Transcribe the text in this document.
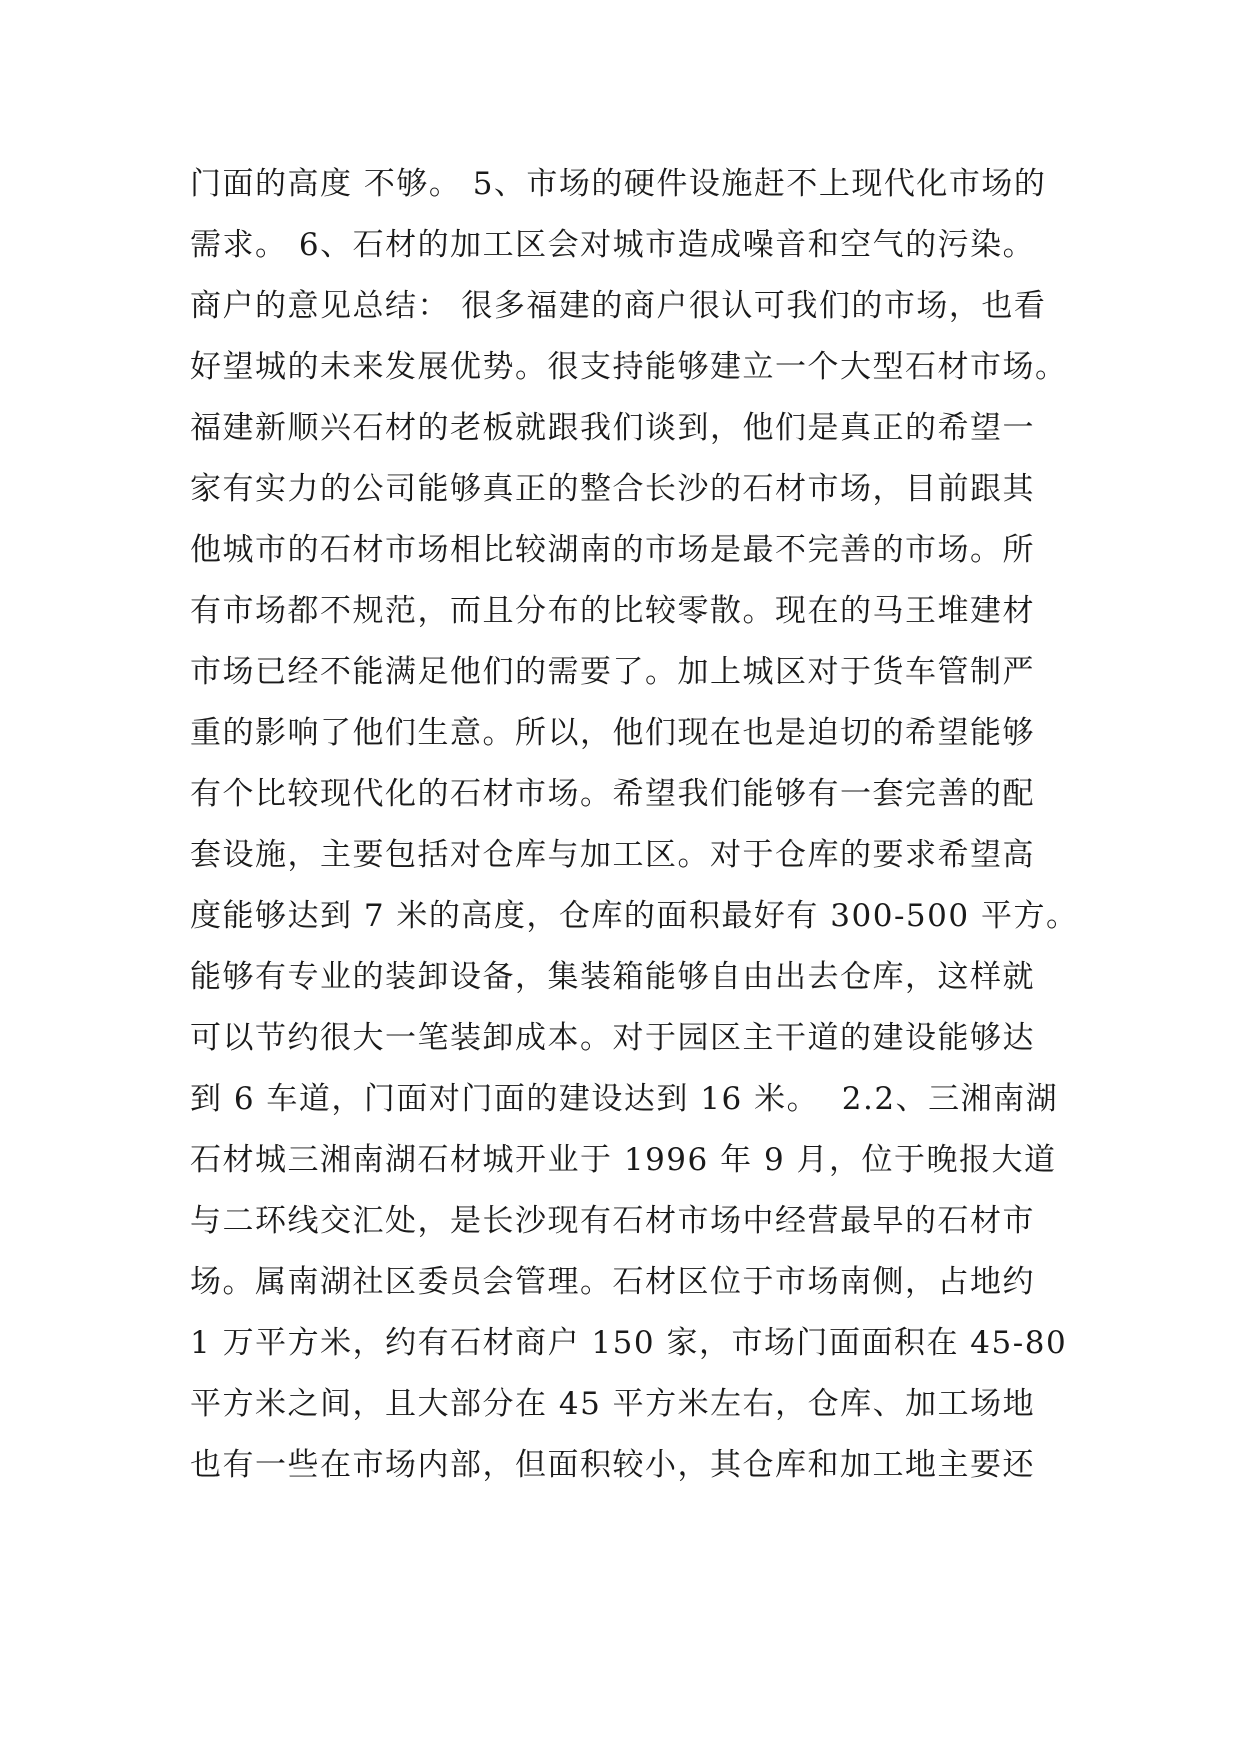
门面的高度 不够。 5、市场的硬件设施赶不上现代化市场的
需求。 6、石材的加工区会对城市造成噪音和空气的污染。
商户的意见总结： 很多福建的商户很认可我们的市场，也看
好望城的未来发展优势。很支持能够建立一个大型石材市场。
福建新顺兴石材的老板就跟我们谈到，他们是真正的希望一
家有实力的公司能够真正的整合长沙的石材市场，目前跟其
他城市的石材市场相比较湖南的市场是最不完善的市场。所
有市场都不规范，而且分布的比较零散。现在的马王堆建材
市场已经不能满足他们的需要了。加上城区对于货车管制严
重的影响了他们生意。所以，他们现在也是迫切的希望能够
有个比较现代化的石材市场。希望我们能够有一套完善的配
套设施，主要包括对仓库与加工区。对于仓库的要求希望高
度能够达到 7 米的高度，仓库的面积最好有 300-500 平方。
能够有专业的装卸设备，集装箱能够自由出去仓库，这样就
可以节约很大一笔装卸成本。对于园区主干道的建设能够达
到 6 车道，门面对门面的建设达到 16 米。  2.2、三湘南湖
石材城三湘南湖石材城开业于 1996 年 9 月，位于晚报大道
与二环线交汇处，是长沙现有石材市场中经营最早的石材市
场。属南湖社区委员会管理。石材区位于市场南侧，占地约
1 万平方米，约有石材商户 150 家，市场门面面积在 45-80
平方米之间，且大部分在 45 平方米左右，仓库、加工场地
也有一些在市场内部，但面积较小，其仓库和加工地主要还
